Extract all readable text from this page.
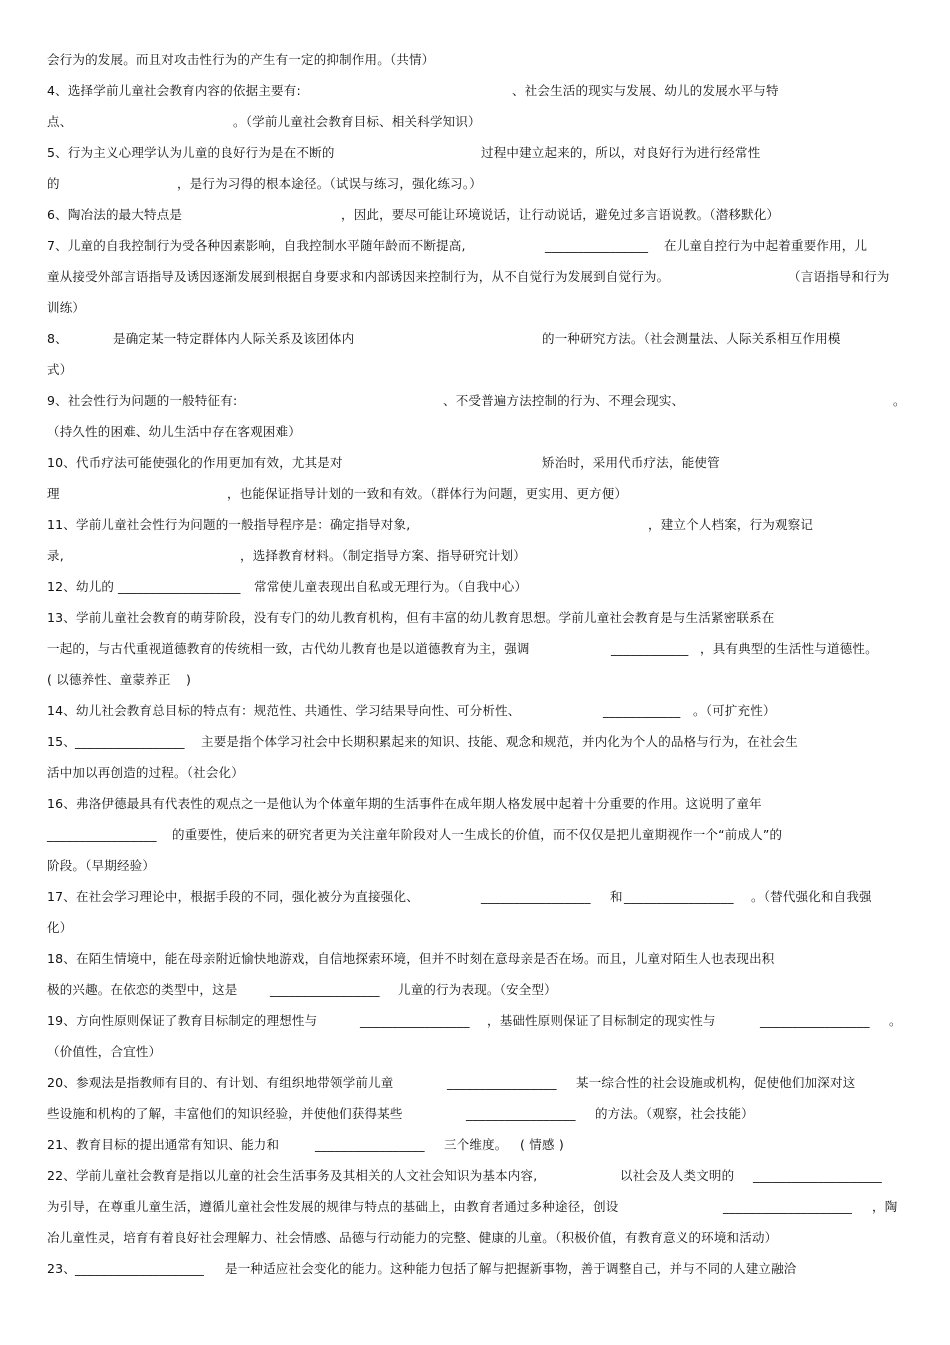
会行为的发展。而且对攻击性行为的产生有一定的抑制作用。（共情）
4、选择学前儿童社会教育内容的依据主要有:	、社会生活的现实与发展、幼儿的发展水平与特
点、	。（学前儿童社会教育目标、相关科学知识）
5、行为主义心理学认为儿童的良好行为是在不断的	过程中建立起来的，所以，对良好行为进行经常性
的	，是行为习得的根本途径。（试误与练习，强化练习。）
6、陶冶法的最大特点是	，因此，要尽可能让环境说话，让行动说话，避免过多言语说教。（潜移默化）
7、儿童的自我控制行为受各种因素影响，自我控制水平随年龄而不断提高,	________________ 在儿童自控行为中起着重要作用，儿
童从接受外部言语指导及诱因逐渐发展到根据自身要求和内部诱因来控制行为，从不自觉行为发展到自觉行为。	（言语指导和行为
训练）
8、	是确定某一特定群体内人际关系及该团体内	的一种研究方法。（社会测量法、人际关系相互作用模
式）
9、社会性行为问题的一般特征有:	、不受普遍方法控制的行为、不理会现实、	。
（持久性的困难、幼儿生活中存在客观困难）
10、代币疗法可能使强化的作用更加有效，尤其是对	矫治时，采用代币疗法，能使管
理	，也能保证指导计划的一致和有效。（群体行为问题，更实用、更方便）
11、学前儿童社会性行为问题的一般指导程序是：确定指导对象,	，建立个人档案，行为观察记
录,	，选择教育材料。（制定指导方案、指导研究计划）
12、幼儿的 ___________________ 常常使儿童表现出自私或无理行为。（自我中心）
13、学前儿童社会教育的萌芽阶段，没有专门的幼儿教育机构，但有丰富的幼儿教育思想。学前儿童社会教育是与生活紧密联系在
一起的，与古代重视道德教育的传统相一致，古代幼儿教育也是以道德教育为主，强调	____________ ，具有典型的生活性与道德性。
( 以德养性、童蒙养正 )
14、幼儿社会教育总目标的特点有：规范性、共通性、学习结果导向性、可分析性、	____________ 。（可扩充性）
15、
_________________ 主要是指个体学习社会中长期积累起来的知识、技能、观念和规范，并内化为个人的品格与行为，在社会生
活中加以再创造的过程。（社会化）
16、弗洛伊德最具有代表性的观点之一是他认为个体童年期的生活事件在成年期人格发展中起着十分重要的作用。这说明了童年
_________________ 的重要性，使后来的研究者更为关注童年阶段对人一生成长的价值，而不仅仅是把儿童期视作一个“前成人”的
阶段。（早期经验）
17、在社会学习理论中，根据手段的不同，强化被分为直接强化、	_________________ 和 _________________ 。（替代强化和自我强
化）
18、在陌生情境中，能在母亲附近愉快地游戏，自信地探索环境，但并不时刻在意母亲是否在场。而且，儿童对陌生人也表现出积
极的兴趣。在依恋的类型中，这是	_________________ 儿童的行为表现。（安全型）
19、方向性原则保证了教育目标制定的理想性与	_________________ ，基础性原则保证了目标制定的现实性与	_________________ 。
（价值性，合宜性）
20、参观法是指教师有目的、有计划、有组织地带领学前儿童	_________________ 某一综合性的社会设施或机构，促使他们加深对这
些设施和机构的了解，丰富他们的知识经验，并使他们获得某些	_________________ 的方法。（观察，社会技能）
21、教育目标的提出通常有知识、能力和	_________________ 三个维度。 ( 情感 )
22、学前儿童社会教育是指以儿童的社会生活事务及其相关的人文社会知识为基本内容,	以社会及人类文明的 ____________________
为引导，在尊重儿童生活，遵循儿童社会性发展的规律与特点的基础上，由教育者通过多种途径，创设	____________________ ，陶
冶儿童性灵，培育有着良好社会理解力、社会情感、品德与行动能力的完整、健康的儿童。（积极价值，有教育意义的环境和活动）
23、
____________________ 是一种适应社会变化的能力。这种能力包括了解与把握新事物，善于调整自己，并与不同的人建立融洽
